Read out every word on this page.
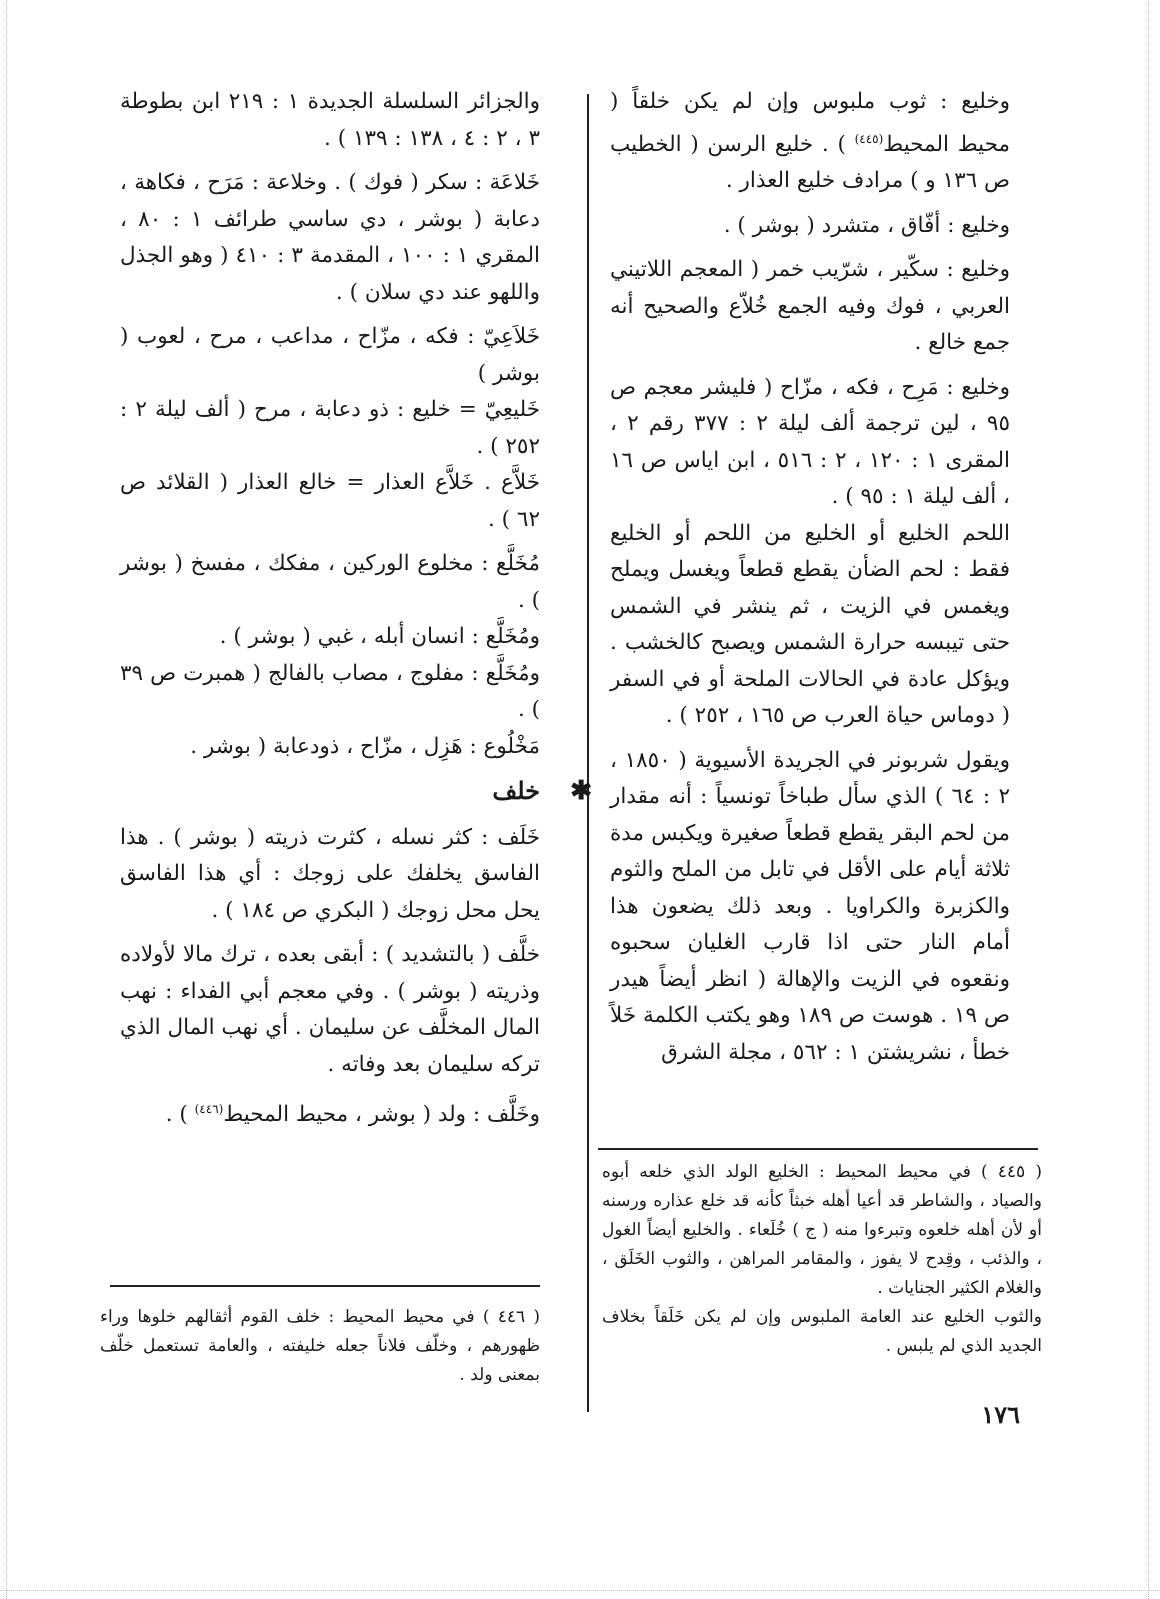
وخليع : ثوب ملبوس وإن لم يكن خلقاً ( محيط المحيط$^{(٤٤٥)}$ ) . خليع الرسن ( الخطيب ص ١٣٦ و ) مرادف خليع العذار .

وخليع : أفّاق ، متشرد ( بوشر ) .

وخليع : سكّير ، شرّيب خمر ( المعجم اللاتيني العربي ، فوك وفيه الجمع خُلاّع والصحيح أنه جمع خالع .

وخليع : مَرِح ، فكه ، مزّاح ( فليشر معجم ص ٩٥ ، لين ترجمة ألف ليلة ٢ : ٣٧٧ رقم ٢ ، المقرى ١ : ١٢٠ ، ٢ : ٥١٦ ، ابن اياس ص ١٦ ، ألف ليلة ١ : ٩٥ ) .

اللحم الخليع أو الخليع من اللحم أو الخليع فقط : لحم الضأن يقطع قطعاً ويغسل ويملح ويغمس في الزيت ، ثم ينشر في الشمس حتى تيبسه حرارة الشمس ويصبح كالخشب . ويؤكل عادة في الحالات الملحة أو في السفر ( دوماس حياة العرب ص ١٦٥ ، ٢٥٢ ) .

ويقول شربونر في الجريدة الأسيوية ( ١٨٥٠ ، ٢ : ٦٤ ) الذي سأل طباخاً تونسياً : أنه مقدار من لحم البقر يقطع قطعاً صغيرة ويكبس مدة ثلاثة أيام على الأقل في تابل من الملح والثوم والكزبرة والكراويا . وبعد ذلك يضعون هذا أمام النار حتى اذا قارب الغليان سحبوه ونقعوه في الزيت والإهالة ( انظر أيضاً هيدر ص ١٩ . هوست ص ١٨٩ وهو يكتب الكلمة خَلاً خطأ ، نشريشتن ١ : ٥٦٢ ، مجلة الشرق

والجزائر السلسلة الجديدة ١ : ٢١٩ ابن بطوطة ٣ ، ٢ : ٤ ، ١٣٨ : ١٣٩ ) .

خَلاعَة : سكر ( فوك ) . وخلاعة : مَرَح ، فكاهة ، دعابة ( بوشر ، دي ساسي طرائف ١ : ٨٠ ، المقري ١ : ١٠٠ ، المقدمة ٣ : ٤١٠ ( وهو الجذل واللهو عند دي سلان ) .

خَلاَعِيّ : فكه ، مزّاح ، مداعب ، مرح ، لعوب ( بوشر )

خَليعِيّ = خليع : ذو دعابة ، مرح ( ألف ليلة ٢ : ٢٥٢ ) .

خَلاَّع . خَلاَّع العذار = خالع العذار ( القلائد ص ٦٢ ) .

مُخَلَّع : مخلوع الوركين ، مفكك ، مفسخ ( بوشر ) .

ومُخَلَّع : انسان أبله ، غبي ( بوشر ) .

ومُخَلَّع : مفلوج ، مصاب بالفالج ( همبرت ص ٣٩ ) .

مَخْلُوع : هَزِل ، مزّاح ، ذودعابة ( بوشر .

✱
خلف

خَلَف : كثر نسله ، كثرت ذريته ( بوشر ) . هذا الفاسق يخلفك على زوجك : أي هذا الفاسق يحل محل زوجك ( البكري ص ١٨٤ ) .

خلَّف ( بالتشديد ) : أبقى بعده ، ترك مالا لأولاده وذريته ( بوشر ) . وفي معجم أبي الفداء : نهب المال المخلَّف عن سليمان . أي نهب المال الذي تركه سليمان بعد وفاته .

وخَلَّف : ولد ( بوشر ، محيط المحيط$^{(٤٤٦)}$ ) .

( ٤٤٥ ) في محيط المحيط : الخليع الولد الذي خلعه أبوه والصياد ، والشاطر قد أعيا أهله خبثاً كأنه قد خلع عذاره ورسنه أو لأن أهله خلعوه وتبرءوا منه ( ج ) خُلَعاء . والخليع أيضاً الغول ، والذئب ، وقِدح لا يفوز ، والمقامر المراهن ، والثوب الخَلَق ، والغلام الكثير الجنايات .

والثوب الخليع عند العامة الملبوس وإن لم يكن خَلَقاً بخلاف الجديد الذي لم يلبس .

( ٤٤٦ ) في محيط المحيط : خلف القوم أثقالهم خلوها وراء ظهورهم ، وخلّف فلاناً جعله خليفته ، والعامة تستعمل خلّف بمعنى ولد .

١٧٦
